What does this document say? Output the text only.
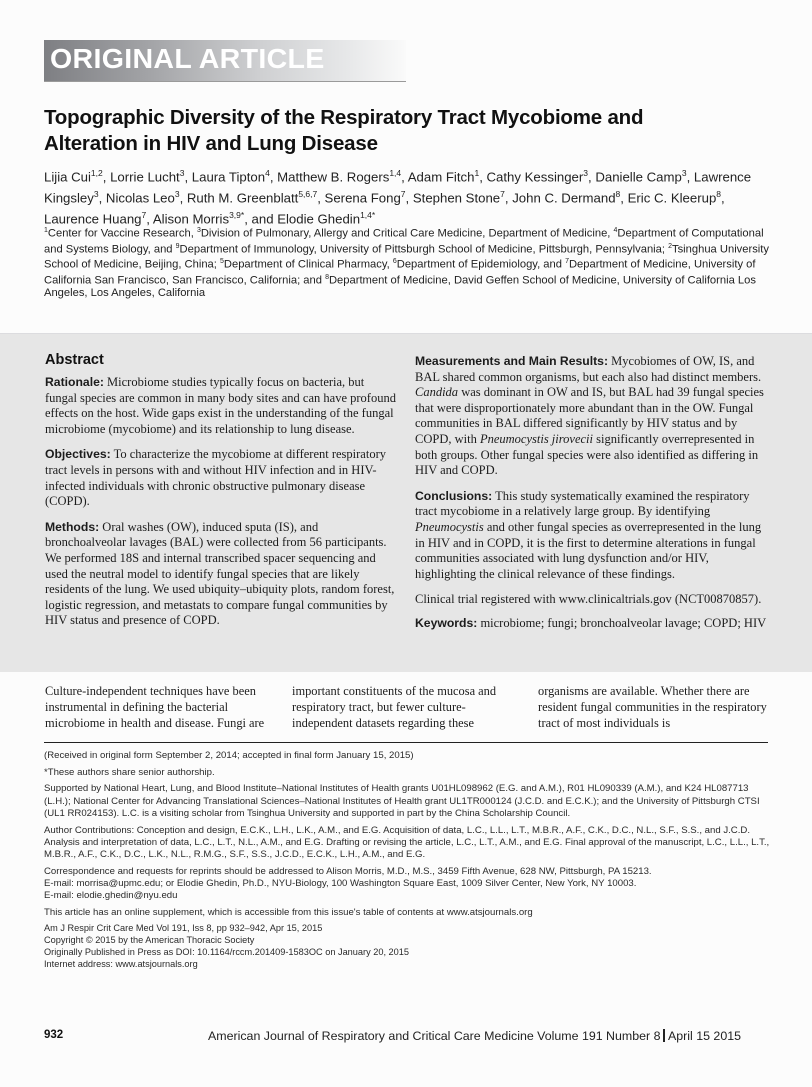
ORIGINAL ARTICLE
Topographic Diversity of the Respiratory Tract Mycobiome and
Alteration in HIV and Lung Disease
Lijia Cui$^{1,2}$, Lorrie Lucht$^3$, Laura Tipton$^4$, Matthew B. Rogers$^{1,4}$, Adam Fitch$^1$, Cathy Kessinger$^3$, Danielle Camp$^3$, Lawrence Kingsley$^3$, Nicolas Leo$^3$, Ruth M. Greenblatt$^{5,6,7}$, Serena Fong$^7$, Stephen Stone$^7$, John C. Dermand$^8$, Eric C. Kleerup$^8$, Laurence Huang$^7$, Alison Morris$^{3,9*}$, and Elodie Ghedin$^{1,4*}$
$^1$Center for Vaccine Research, $^3$Division of Pulmonary, Allergy and Critical Care Medicine, Department of Medicine, $^4$Department of Computational and Systems Biology, and $^9$Department of Immunology, University of Pittsburgh School of Medicine, Pittsburgh, Pennsylvania; $^2$Tsinghua University School of Medicine, Beijing, China; $^5$Department of Clinical Pharmacy, $^6$Department of Epidemiology, and $^7$Department of Medicine, University of California San Francisco, San Francisco, California; and $^8$Department of Medicine, David Geffen School of Medicine, University of California Los Angeles, Los Angeles, California
Abstract

Rationale: Microbiome studies typically focus on bacteria, but fungal species are common in many body sites and can have profound effects on the host. Wide gaps exist in the understanding of the fungal microbiome (mycobiome) and its relationship to lung disease.

Objectives: To characterize the mycobiome at different respiratory tract levels in persons with and without HIV infection and in HIV-infected individuals with chronic obstructive pulmonary disease (COPD).

Methods: Oral washes (OW), induced sputa (IS), and bronchoalveolar lavages (BAL) were collected from 56 participants. We performed 18S and internal transcribed spacer sequencing and used the neutral model to identify fungal species that are likely residents of the lung. We used ubiquity–ubiquity plots, random forest, logistic regression, and metastats to compare fungal communities by HIV status and presence of COPD.

Measurements and Main Results: Mycobiomes of OW, IS, and BAL shared common organisms, but each also had distinct members. Candida was dominant in OW and IS, but BAL had 39 fungal species that were disproportionately more abundant than in the OW. Fungal communities in BAL differed significantly by HIV status and by COPD, with Pneumocystis jirovecii significantly overrepresented in both groups. Other fungal species were also identified as differing in HIV and COPD.

Conclusions: This study systematically examined the respiratory tract mycobiome in a relatively large group. By identifying Pneumocystis and other fungal species as overrepresented in the lung in HIV and in COPD, it is the first to determine alterations in fungal communities associated with lung dysfunction and/or HIV, highlighting the clinical relevance of these findings.

Clinical trial registered with www.clinicaltrials.gov (NCT00870857).

Keywords: microbiome; fungi; bronchoalveolar lavage; COPD; HIV

Culture-independent techniques have been instrumental in defining the bacterial microbiome in health and disease. Fungi are

important constituents of the mucosa and respiratory tract, but fewer culture-independent datasets regarding these

organisms are available. Whether there are resident fungal communities in the respiratory tract of most individuals is

(Received in original form September 2, 2014; accepted in final form January 15, 2015)

*These authors share senior authorship.

Supported by National Heart, Lung, and Blood Institute–National Institutes of Health grants U01HL098962 (E.G. and A.M.), R01 HL090339 (A.M.), and K24 HL087713 (L.H.); National Center for Advancing Translational Sciences–National Institutes of Health grant UL1TR000124 (J.C.D. and E.C.K.); and the University of Pittsburgh CTSI (UL1 RR024153). L.C. is a visiting scholar from Tsinghua University and supported in part by the China Scholarship Council.

Author Contributions: Conception and design, E.C.K., L.H., L.K., A.M., and E.G. Acquisition of data, L.C., L.L., L.T., M.B.R., A.F., C.K., D.C., N.L., S.F., S.S., and J.C.D. Analysis and interpretation of data, L.C., L.T., N.L., A.M., and E.G. Drafting or revising the article, L.C., L.T., A.M., and E.G. Final approval of the manuscript, L.C., L.L., L.T., M.B.R., A.F., C.K., D.C., L.K., N.L., R.M.G., S.F., S.S., J.C.D., E.C.K., L.H., A.M., and E.G.

Correspondence and requests for reprints should be addressed to Alison Morris, M.D., M.S., 3459 Fifth Avenue, 628 NW, Pittsburgh, PA 15213.

E-mail: morrisa@upmc.edu; or Elodie Ghedin, Ph.D., NYU-Biology, 100 Washington Square East, 1009 Silver Center, New York, NY 10003.

E-mail: elodie.ghedin@nyu.edu

This article has an online supplement, which is accessible from this issue's table of contents at www.atsjournals.org

Am J Respir Crit Care Med Vol 191, Iss 8, pp 932–942, Apr 15, 2015

Copyright © 2015 by the American Thoracic Society

Originally Published in Press as DOI: 10.1164/rccm.201409-1583OC on January 20, 2015

Internet address: www.atsjournals.org

932	American Journal of Respiratory and Critical Care Medicine Volume 191 Number 8 April 15 2015
